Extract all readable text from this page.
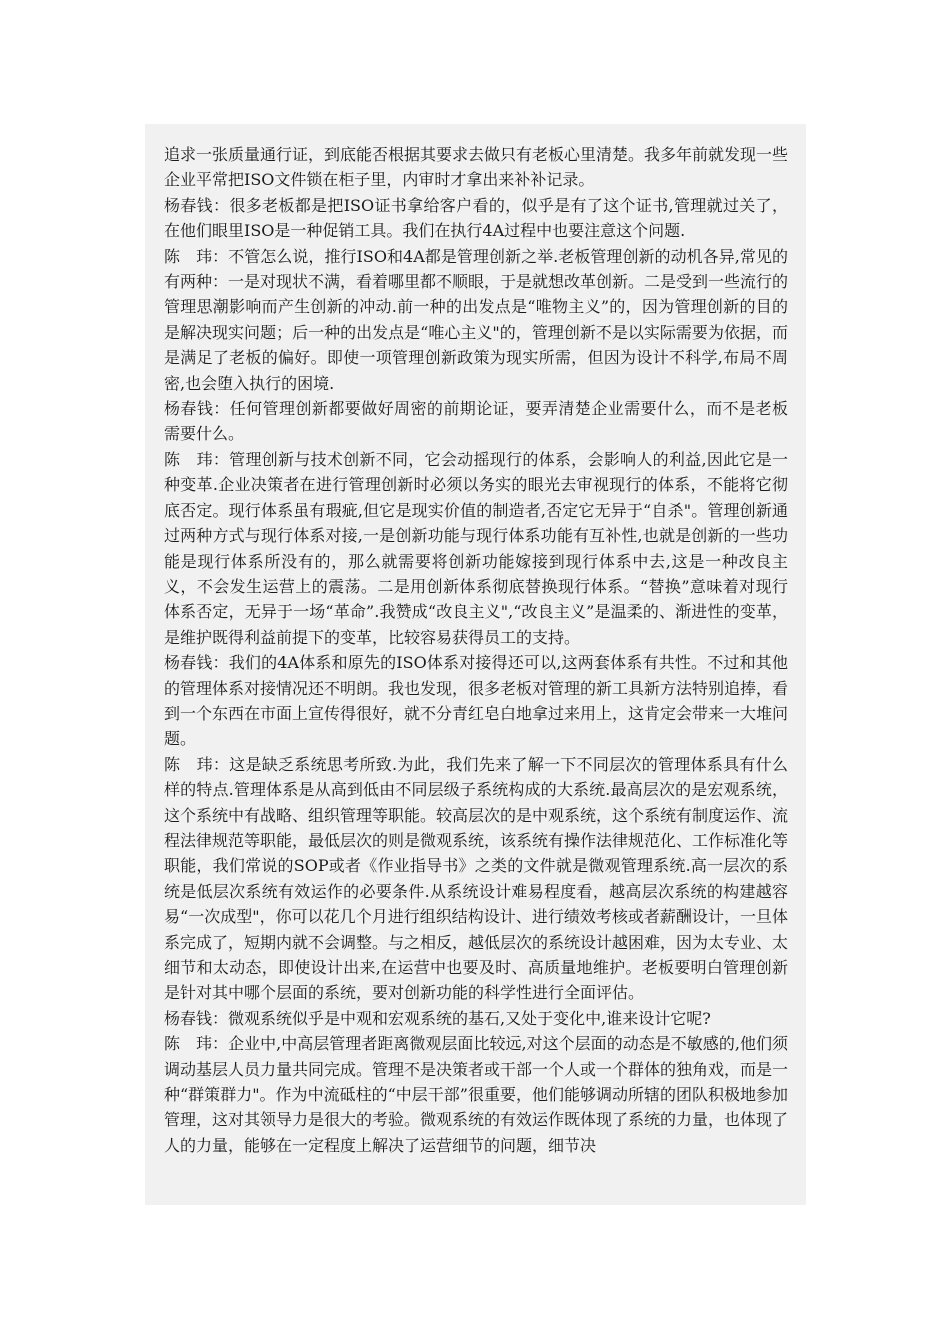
追求一张质量通行证，到底能否根据其要求去做只有老板心里清楚。我多年前就发现一些企业平常把ISO文件锁在柜子里，内审时才拿出来补补记录。

杨春钱：很多老板都是把ISO证书拿给客户看的，似乎是有了这个证书,管理就过关了，在他们眼里ISO是一种促销工具。我们在执行4A过程中也要注意这个问题.

陈　玮：不管怎么说，推行ISO和4A都是管理创新之举.老板管理创新的动机各异,常见的有两种：一是对现状不满，看着哪里都不顺眼，于是就想改革创新。二是受到一些流行的管理思潮影响而产生创新的冲动.前一种的出发点是“唯物主义”的，因为管理创新的目的是解决现实问题；后一种的出发点是“唯心主义"的，管理创新不是以实际需要为依据，而是满足了老板的偏好。即使一项管理创新政策为现实所需，但因为设计不科学,布局不周密,也会堕入执行的困境.

杨春钱：任何管理创新都要做好周密的前期论证，要弄清楚企业需要什么，而不是老板需要什么。

陈　玮：管理创新与技术创新不同，它会动摇现行的体系，会影响人的利益,因此它是一种变革.企业决策者在进行管理创新时必须以务实的眼光去审视现行的体系，不能将它彻底否定。现行体系虽有瑕疵,但它是现实价值的制造者,否定它无异于“自杀"。管理创新通过两种方式与现行体系对接,一是创新功能与现行体系功能有互补性,也就是创新的一些功能是现行体系所没有的，那么就需要将创新功能嫁接到现行体系中去,这是一种改良主义，不会发生运营上的震荡。二是用创新体系彻底替换现行体系。“替换”意味着对现行体系否定，无异于一场“革命”.我赞成“改良主义",“改良主义”是温柔的、渐进性的变革，是维护既得利益前提下的变革，比较容易获得员工的支持。

杨春钱：我们的4A体系和原先的ISO体系对接得还可以,这两套体系有共性。不过和其他的管理体系对接情况还不明朗。我也发现，很多老板对管理的新工具新方法特别追捧，看到一个东西在市面上宣传得很好，就不分青红皂白地拿过来用上，这肯定会带来一大堆问题。

陈　玮：这是缺乏系统思考所致.为此，我们先来了解一下不同层次的管理体系具有什么样的特点.管理体系是从高到低由不同层级子系统构成的大系统.最高层次的是宏观系统，这个系统中有战略、组织管理等职能。较高层次的是中观系统，这个系统有制度运作、流程法律规范等职能，最低层次的则是微观系统，该系统有操作法律规范化、工作标准化等职能，我们常说的SOP或者《作业指导书》之类的文件就是微观管理系统.高一层次的系统是低层次系统有效运作的必要条件.从系统设计难易程度看，越高层次系统的构建越容易“一次成型"，你可以花几个月进行组织结构设计、进行绩效考核或者薪酬设计，一旦体系完成了，短期内就不会调整。与之相反，越低层次的系统设计越困难，因为太专业、太细节和太动态，即使设计出来,在运营中也要及时、高质量地维护。老板要明白管理创新是针对其中哪个层面的系统，要对创新功能的科学性进行全面评估。

杨春钱：微观系统似乎是中观和宏观系统的基石,又处于变化中,谁来设计它呢?

陈　玮：企业中,中高层管理者距离微观层面比较远,对这个层面的动态是不敏感的,他们须调动基层人员力量共同完成。管理不是决策者或干部一个人或一个群体的独角戏，而是一种“群策群力"。作为中流砥柱的“中层干部”很重要，他们能够调动所辖的团队积极地参加管理，这对其领导力是很大的考验。微观系统的有效运作既体现了系统的力量，也体现了人的力量，能够在一定程度上解决了运营细节的问题，细节决
